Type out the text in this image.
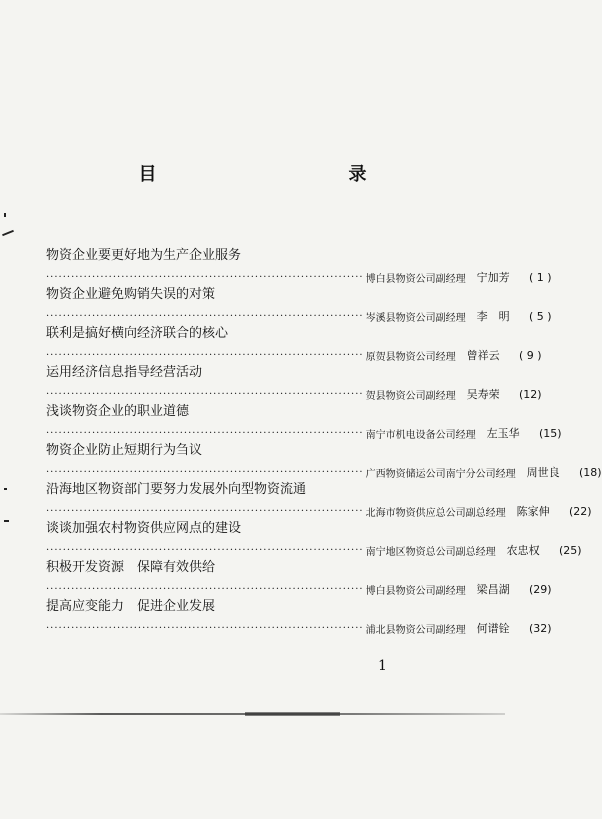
目　　录
物资企业要更好地为生产企业服务
············································································ 博白县物资公司副经理	宁加芳	( 1 )
物资企业避免购销失误的对策
············································································ 岑溪县物资公司副经理	李　明	( 5 )
联利是搞好横向经济联合的核心
············································································ 原贺县物资公司经理	曾祥云	( 9 )
运用经济信息指导经营活动
············································································ 贺县物资公司副经理	吴寿荣	(12)
浅谈物资企业的职业道德
············································································ 南宁市机电设备公司经理	左玉华	(15)
物资企业防止短期行为刍议
············································································ 广西物资储运公司南宁分公司经理	周世良	(18)
沿海地区物资部门要努力发展外向型物资流通
············································································ 北海市物资供应总公司副总经理	陈家伸	(22)
谈谈加强农村物资供应网点的建设
············································································ 南宁地区物资总公司副总经理	农忠权	(25)
积极开发资源　保障有效供给
············································································ 博白县物资公司副经理	梁昌湖	(29)
提高应变能力　促进企业发展
············································································ 浦北县物资公司副经理	何谱铨	(32)
1
